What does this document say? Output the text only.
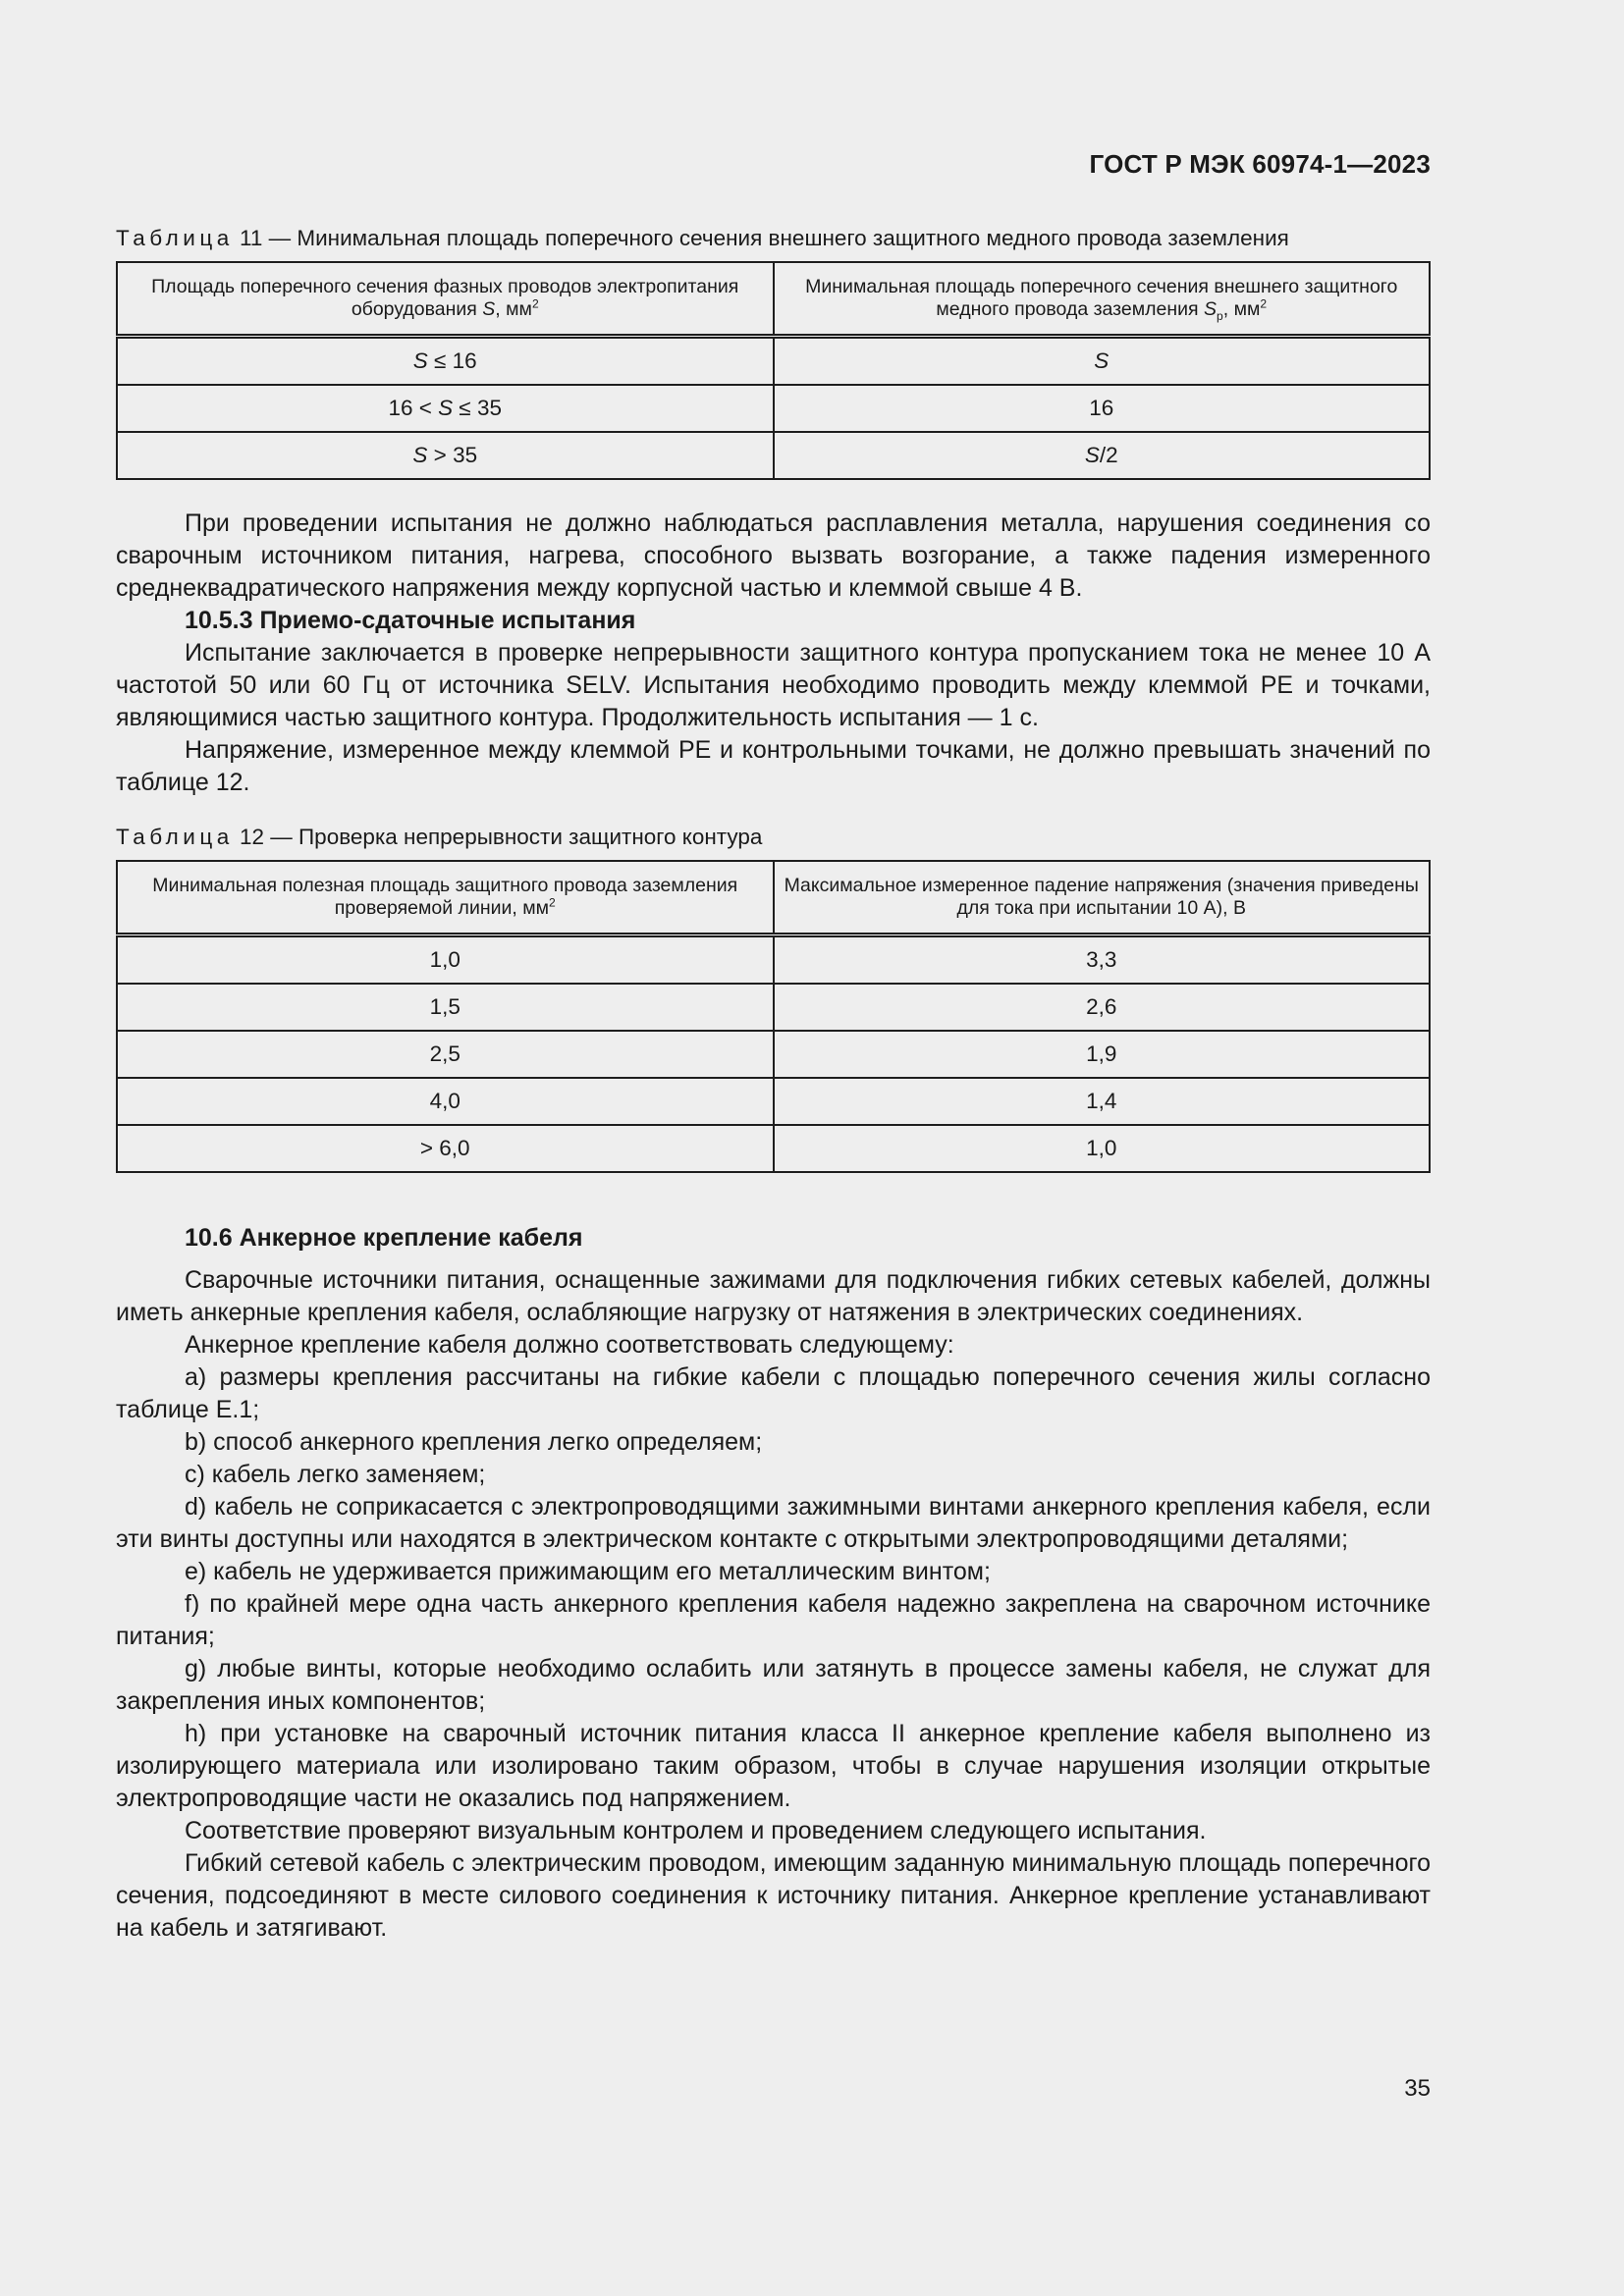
ГОСТ Р МЭК 60974-1—2023
Таблица 11 — Минимальная площадь поперечного сечения внешнего защитного медного провода заземления
Площадь поперечного сечения фазных проводов электропитания оборудования S, $мм^2$	Минимальная площадь поперечного сечения внешнего защитного медного провода заземления $S_p$, $мм^2$
S ≤ 16	S
16 < S ≤ 35	16
S > 35	S/2

При проведении испытания не должно наблюдаться расплавления металла, нарушения соединения со сварочным источником питания, нагрева, способного вызвать возгорание, а также падения измеренного среднеквадратического напряжения между корпусной частью и клеммой свыше 4 В.

10.5.3 Приемо-сдаточные испытания

Испытание заключается в проверке непрерывности защитного контура пропусканием тока не менее 10 А частотой 50 или 60 Гц от источника SELV. Испытания необходимо проводить между клеммой PE и точками, являющимися частью защитного контура. Продолжительность испытания — 1 с.

Напряжение, измеренное между клеммой PE и контрольными точками, не должно превышать значений по таблице 12.

Таблица 12 — Проверка непрерывности защитного контура
Минимальная полезная площадь защитного провода заземления проверяемой линии, $мм^2$	Максимальное измеренное падение напряжения (значения приведены для тока при испытании 10 А), В
1,0	3,3
1,5	2,6
2,5	1,9
4,0	1,4
> 6,0	1,0

10.6 Анкерное крепление кабеля

Сварочные источники питания, оснащенные зажимами для подключения гибких сетевых кабелей, должны иметь анкерные крепления кабеля, ослабляющие нагрузку от натяжения в электрических соединениях.

Анкерное крепление кабеля должно соответствовать следующему:

a) размеры крепления рассчитаны на гибкие кабели с площадью поперечного сечения жилы согласно таблице Е.1;

b) способ анкерного крепления легко определяем;

c) кабель легко заменяем;

d) кабель не соприкасается с электропроводящими зажимными винтами анкерного крепления кабеля, если эти винты доступны или находятся в электрическом контакте с открытыми электропроводящими деталями;

e) кабель не удерживается прижимающим его металлическим винтом;

f) по крайней мере одна часть анкерного крепления кабеля надежно закреплена на сварочном источнике питания;

g) любые винты, которые необходимо ослабить или затянуть в процессе замены кабеля, не служат для закрепления иных компонентов;

h) при установке на сварочный источник питания класса II анкерное крепление кабеля выполнено из изолирующего материала или изолировано таким образом, чтобы в случае нарушения изоляции открытые электропроводящие части не оказались под напряжением.

Соответствие проверяют визуальным контролем и проведением следующего испытания.

Гибкий сетевой кабель с электрическим проводом, имеющим заданную минимальную площадь поперечного сечения, подсоединяют в месте силового соединения к источнику питания. Анкерное крепление устанавливают на кабель и затягивают.

35
